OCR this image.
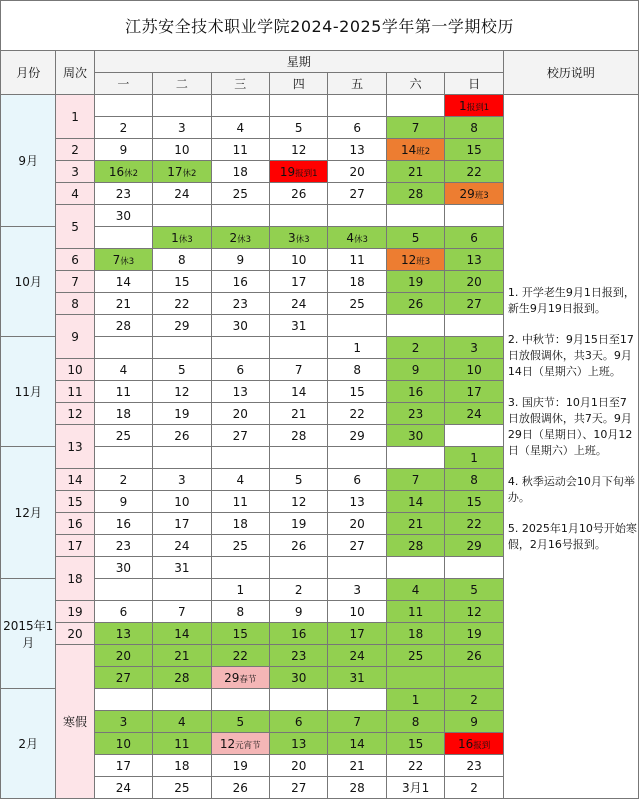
江苏安全技术职业学院2024-2025学年第一学期校历
月份	周次	星期							校历说明
		一	二	三	四	五	六	日	
9月	1							1报到1	1. 开学老生9月1日报到，新生9月19日报到。

2. 中秋节：9月15日至17日放假调休，共3天。9月14日（星期六）上班。

3. 国庆节：10月1日至7日放假调休，共7天。9月29日（星期日）、10月12日（星期六）上班。

4. 秋季运动会10月下旬举办。

5. 2025年1月10号开始寒假，2月16号报到。

		2	3	4	5	6	7	8	
	2	9	10	11	12	13	14班2	15	
	3	16休2	17休2	18	19报到1	20	21	22	
	4	23	24	25	26	27	28	29班3	
	5	30							
10月			1休3	2休3	3休3	4休3	5	6	
	6	7休3	8	9	10	11	12班3	13	
	7	14	15	16	17	18	19	20	
	8	21	22	23	24	25	26	27	
	9	28	29	30	31				
11月						1	2	3	
	10	4	5	6	7	8	9	10	
	11	11	12	13	14	15	16	17	
	12	18	19	20	21	22	23	24	
	13	25	26	27	28	29	30		
12月								1	
	14	2	3	4	5	6	7	8	
	15	9	10	11	12	13	14	15	
	16	16	17	18	19	20	21	22	
	17	23	24	25	26	27	28	29	
	18	30	31						
2015年1月				1	2	3	4	5	
	19	6	7	8	9	10	11	12	
	20	13	14	15	16	17	18	19	
	寒假	20	21	22	23	24	25	26	
		27	28	29春节	30	31			
2月							1	2	
		3	4	5	6	7	8	9	
		10	11	12元宵节	13	14	15	16报到	
		17	18	19	20	21	22	23	
		24	25	26	27	28	3月1	2	
